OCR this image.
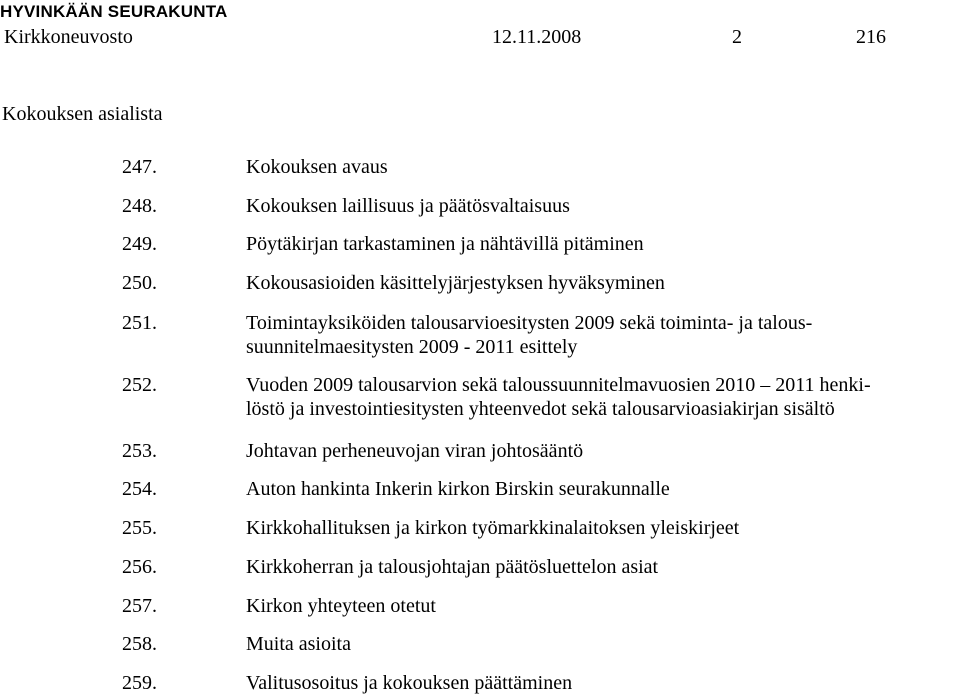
HYVINKÄÄN SEURAKUNTA
Kirkkoneuvosto	12.11.2008	2	216
Kokouksen asialista
247.	Kokouksen avaus
248.	Kokouksen laillisuus ja päätösvaltaisuus
249.	Pöytäkirjan tarkastaminen ja nähtävillä pitäminen
250.	Kokousasioiden käsittelyjärjestyksen hyväksyminen
251.	Toimintayksiköiden talousarvioesitysten 2009 sekä toiminta- ja talous-
suunnitelmaesitysten 2009 - 2011 esittely
252.	Vuoden 2009 talousarvion sekä taloussuunnitelmavuosien 2010 – 2011 henki-
löstö ja investointiesitysten yhteenvedot sekä talousarvioasiakirjan sisältö
253.	Johtavan perheneuvojan viran johtosääntö
254.	Auton hankinta Inkerin kirkon Birskin seurakunnalle
255.	Kirkkohallituksen ja kirkon työmarkkinalaitoksen yleiskirjeet
256.	Kirkkoherran ja talousjohtajan päätösluettelon asiat
257.	Kirkon yhteyteen otetut
258.	Muita asioita
259.	Valitusosoitus ja kokouksen päättäminen
